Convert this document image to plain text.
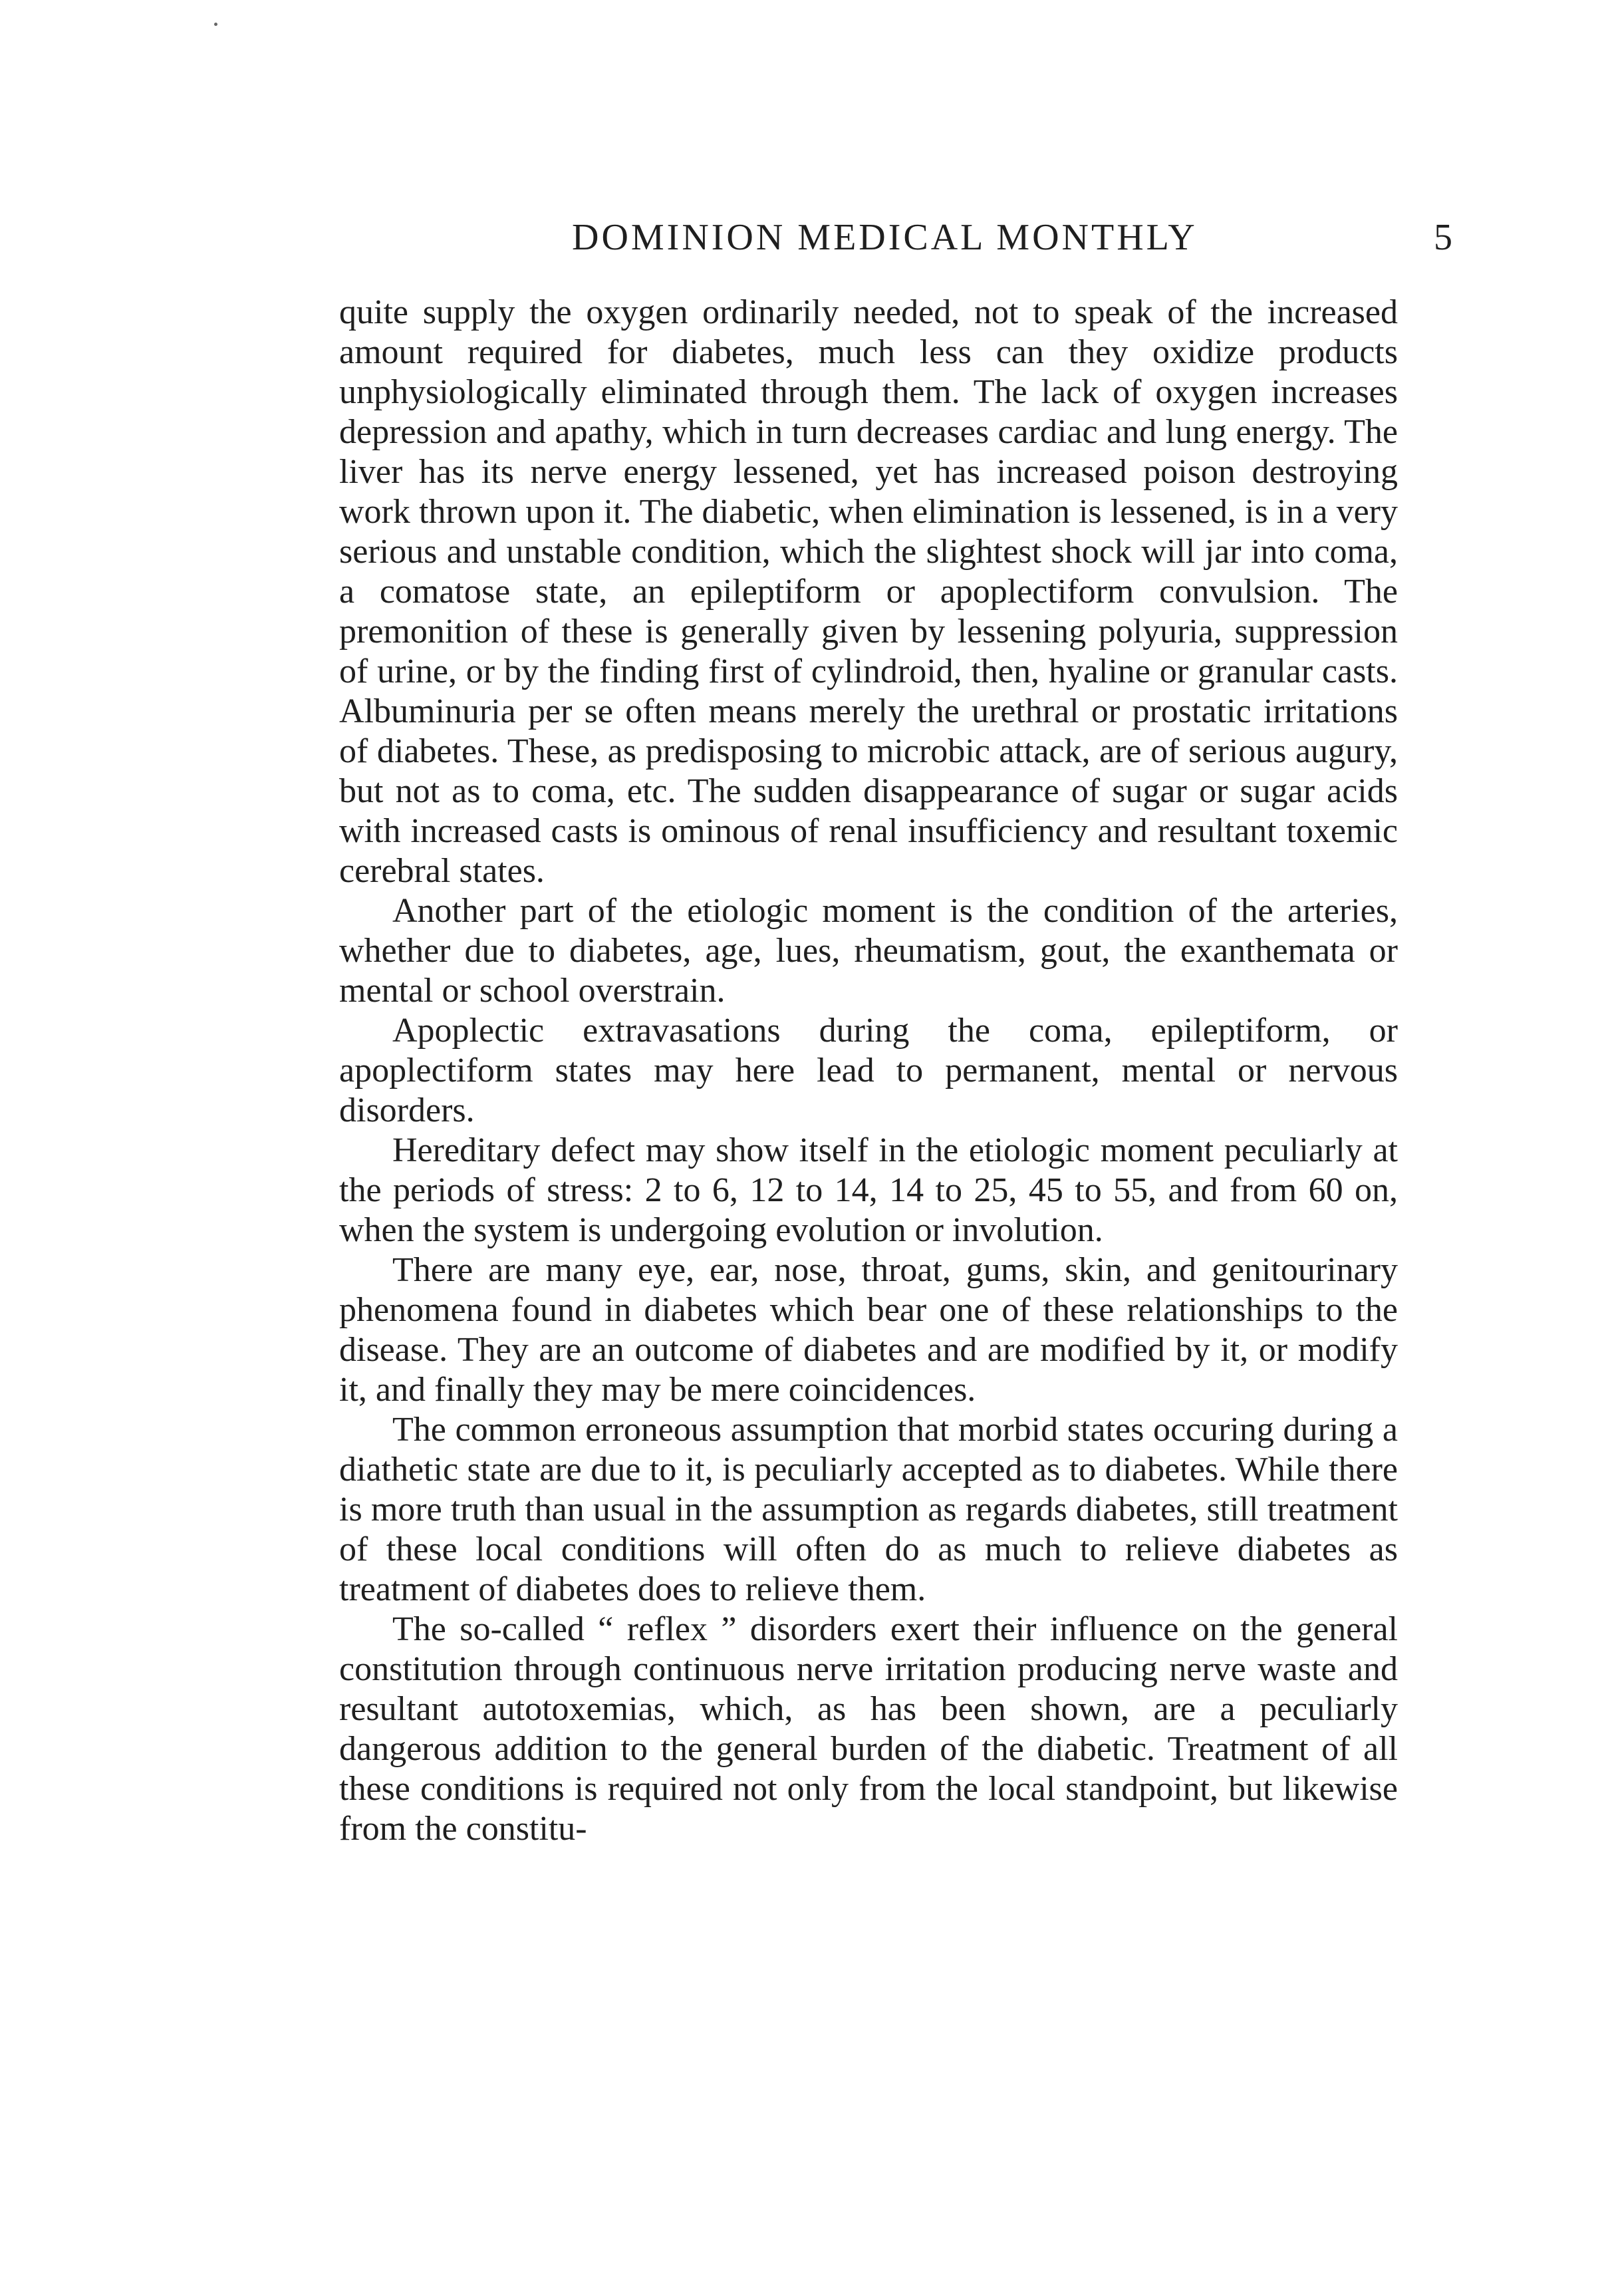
DOMINION MEDICAL MONTHLY	5

quite supply the oxygen ordinarily needed, not to speak of the increased amount required for diabetes, much less can they oxidize products unphysiologically eliminated through them. The lack of oxygen increases depression and apathy, which in turn decreases cardiac and lung energy. The liver has its nerve energy lessened, yet has increased poison destroying work thrown upon it. The diabetic, when elimination is lessened, is in a very serious and unstable condition, which the slightest shock will jar into coma, a comatose state, an epileptiform or apoplectiform convulsion. The premonition of these is generally given by lessening polyuria, suppression of urine, or by the finding first of cylindroid, then, hyaline or granular casts. Albuminuria per se often means merely the urethral or prostatic irritations of diabetes. These, as predisposing to microbic attack, are of serious augury, but not as to coma, etc. The sudden disappearance of sugar or sugar acids with increased casts is ominous of renal insufficiency and resultant toxemic cerebral states.

Another part of the etiologic moment is the condition of the arteries, whether due to diabetes, age, lues, rheumatism, gout, the exanthemata or mental or school overstrain.

Apoplectic extravasations during the coma, epileptiform, or apoplectiform states may here lead to permanent, mental or nervous disorders.

Hereditary defect may show itself in the etiologic moment peculiarly at the periods of stress: 2 to 6, 12 to 14, 14 to 25, 45 to 55, and from 60 on, when the system is undergoing evolution or involution.

There are many eye, ear, nose, throat, gums, skin, and genitourinary phenomena found in diabetes which bear one of these relationships to the disease. They are an outcome of diabetes and are modified by it, or modify it, and finally they may be mere coincidences.

The common erroneous assumption that morbid states occuring during a diathetic state are due to it, is peculiarly accepted as to diabetes. While there is more truth than usual in the assumption as regards diabetes, still treatment of these local conditions will often do as much to relieve diabetes as treatment of diabetes does to relieve them.

The so-called “ reflex ” disorders exert their influence on the general constitution through continuous nerve irritation producing nerve waste and resultant autotoxemias, which, as has been shown, are a peculiarly dangerous addition to the general burden of the diabetic. Treatment of all these conditions is required not only from the local standpoint, but likewise from the constitu-
